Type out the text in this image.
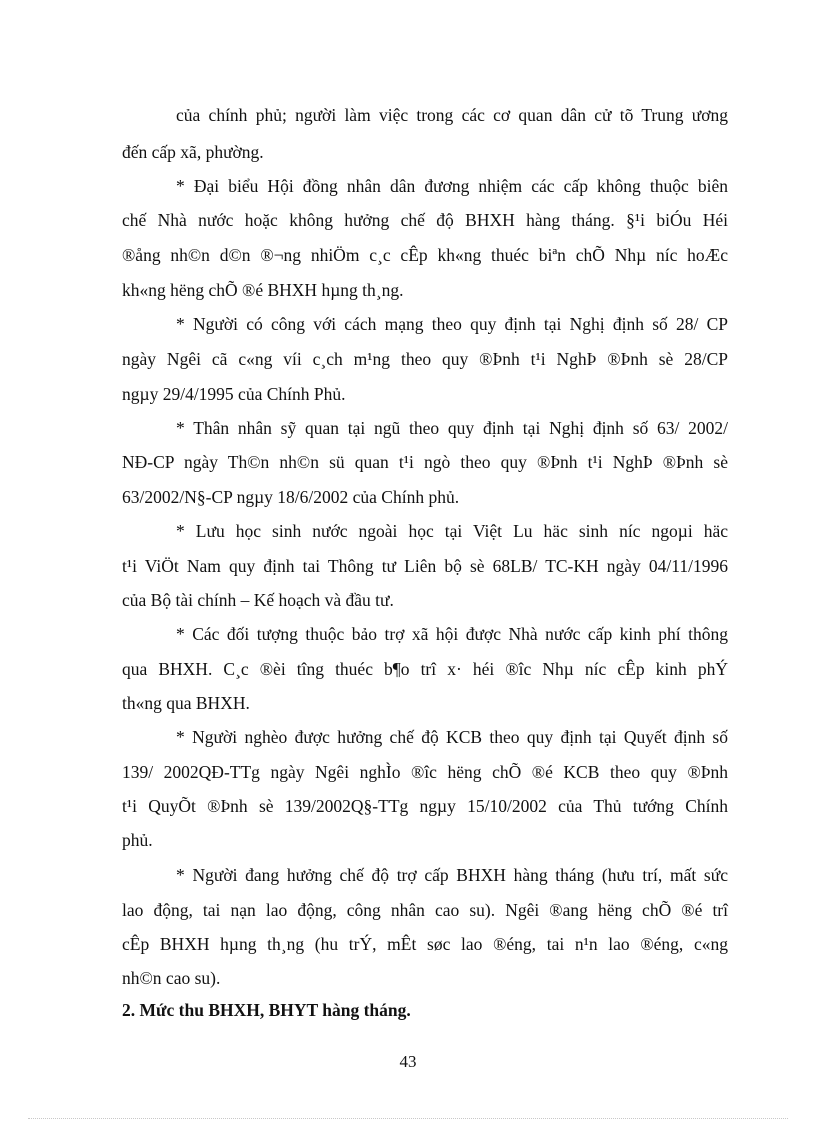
của chính phủ; người làm việc trong các cơ quan dân cử tõ Trung ương
đến cấp xã, phường.
* Đại biểu Hội đồng nhân dân đương nhiệm các cấp không thuộc biên
chế Nhà nước hoặc không hưởng chế độ BHXH hàng tháng. §¹i biÓu Héi
®ång nh©n d©n ®¬ng nhiÖm c¸c cÊp kh«ng thuéc biªn chÕ Nhµ níc hoÆc
kh«ng hëng chÕ ®é BHXH hµng th¸ng.
* Người có công với cách mạng theo quy định tại Nghị định số 28/ CP
ngày Ngêi cã c«ng víi c¸ch m¹ng theo quy ®Þnh t¹i NghÞ ®Þnh sè 28/CP
ngµy 29/4/1995 của Chính Phủ.
* Thân nhân sỹ quan tại ngũ theo quy định tại Nghị định số 63/ 2002/
NĐ-CP ngày Th©n nh©n sü quan t¹i ngò theo quy ®Þnh t¹i NghÞ ®Þnh sè
63/2002/N§-CP ngµy 18/6/2002 của Chính phủ.
* Lưu học sinh nước ngoài học tại Việt Lu häc sinh níc ngoµi häc
t¹i ViÖt Nam quy định tai Thông tư Liên bộ sè 68LB/ TC-KH ngày 04/11/1996
của Bộ tài chính – Kế hoạch và đầu tư.
* Các đối tượng thuộc bảo trợ xã hội được Nhà nước cấp kinh phí thông
qua BHXH. C¸c ®èi tîng thuéc b¶o trî x· héi ®îc Nhµ níc cÊp kinh phÝ
th«ng qua BHXH.
* Người nghèo được hưởng chế độ KCB theo quy định tại Quyết định số
139/ 2002QĐ-TTg ngày Ngêi nghÌo ®îc hëng chÕ ®é KCB theo quy ®Þnh
t¹i QuyÕt ®Þnh sè 139/2002Q§-TTg ngµy 15/10/2002 của Thủ tướng Chính
phủ.
* Người đang hưởng chế độ trợ cấp BHXH hàng tháng (hưu trí, mất sức
lao động, tai nạn lao động, công nhân cao su). Ngêi ®ang hëng chÕ ®é trî
cÊp BHXH hµng th¸ng (hu trÝ, mÊt søc lao ®éng, tai n¹n lao ®éng, c«ng
nh©n cao su).
2. Mức thu BHXH, BHYT hàng tháng.
43
